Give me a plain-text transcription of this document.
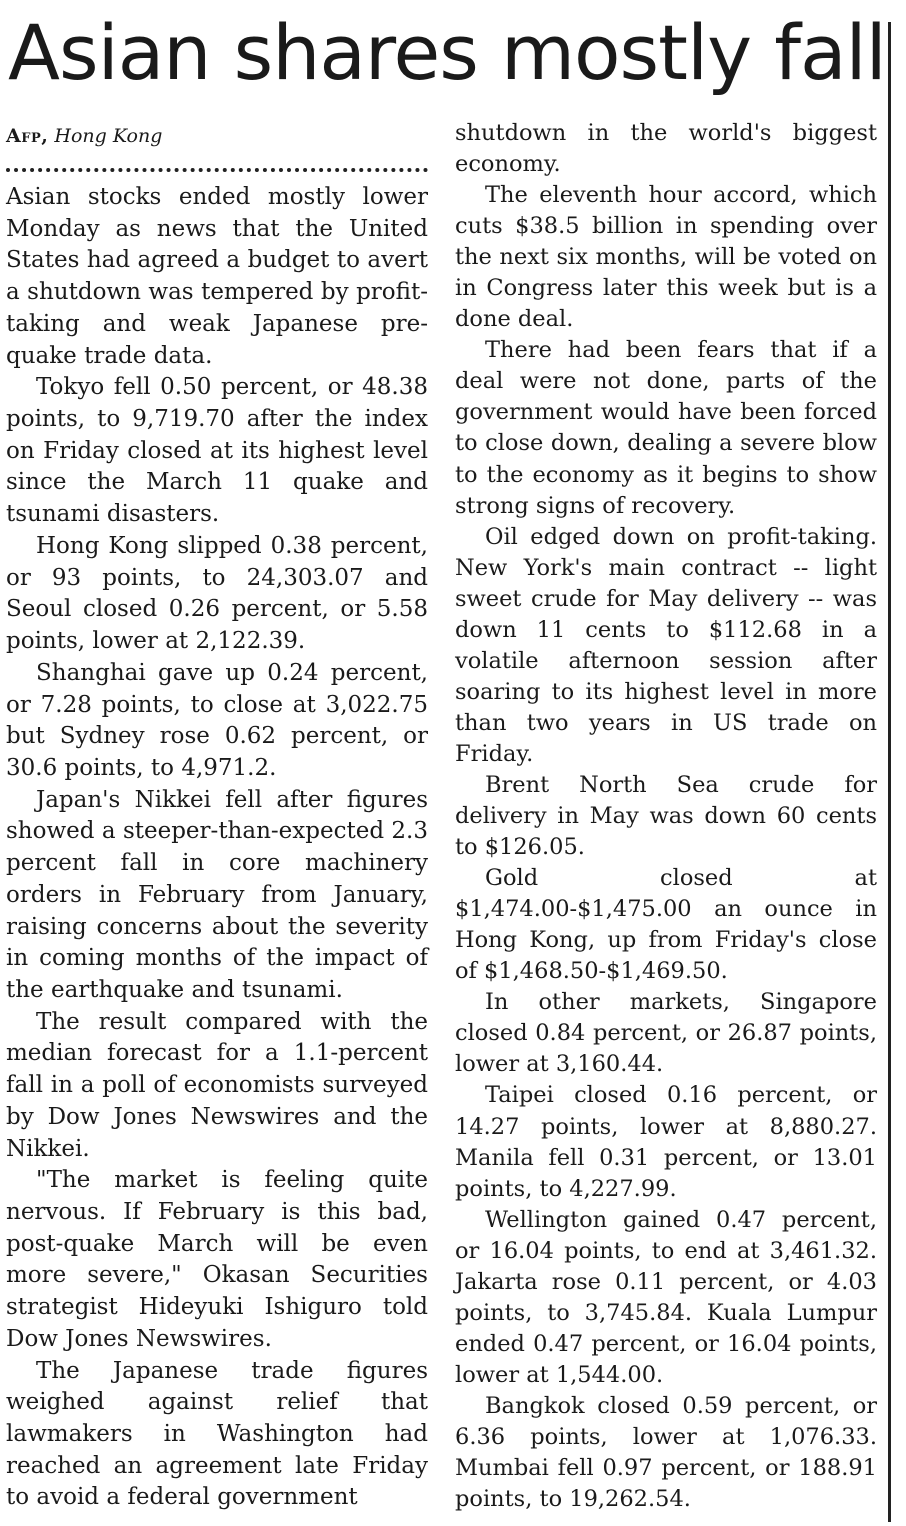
Asian shares mostly fall

Afp, Hong Kong

Asian stocks ended mostly lower Monday as news that the United States had agreed a budget to avert a shutdown was tempered by profit-taking and weak Japanese pre-quake trade data.

Tokyo fell 0.50 percent, or 48.38 points, to 9,719.70 after the index on Friday closed at its highest level since the March 11 quake and tsunami disasters.

Hong Kong slipped 0.38 percent, or 93 points, to 24,303.07 and Seoul closed 0.26 percent, or 5.58 points, lower at 2,122.39.

Shanghai gave up 0.24 percent, or 7.28 points, to close at 3,022.75 but Sydney rose 0.62 percent, or 30.6 points, to 4,971.2.

Japan's Nikkei fell after figures showed a steeper-than-expected 2.3 percent fall in core machinery orders in February from January, raising concerns about the severity in coming months of the impact of the earthquake and tsunami.

The result compared with the median forecast for a 1.1-percent fall in a poll of economists surveyed by Dow Jones Newswires and the Nikkei.

"The market is feeling quite nervous. If February is this bad, post-quake March will be even more severe," Okasan Securities strategist Hideyuki Ishiguro told Dow Jones Newswires.

The Japanese trade figures weighed against relief that lawmakers in Washington had reached an agreement late Friday to avoid a federal government

shutdown in the world's biggest economy.

The eleventh hour accord, which cuts $38.5 billion in spending over the next six months, will be voted on in Congress later this week but is a done deal.

There had been fears that if a deal were not done, parts of the government would have been forced to close down, dealing a severe blow to the economy as it begins to show strong signs of recovery.

Oil edged down on profit-taking. New York's main contract -- light sweet crude for May delivery -- was down 11 cents to $112.68 in a volatile afternoon session after soaring to its highest level in more than two years in US trade on Friday.

Brent North Sea crude for delivery in May was down 60 cents to $126.05.

Gold closed at $1,474.00-$1,475.00 an ounce in Hong Kong, up from Friday's close of $1,468.50-$1,469.50.

In other markets, Singapore closed 0.84 percent, or 26.87 points, lower at 3,160.44.

Taipei closed 0.16 percent, or 14.27 points, lower at 8,880.27. Manila fell 0.31 percent, or 13.01 points, to 4,227.99.

Wellington gained 0.47 percent, or 16.04 points, to end at 3,461.32. Jakarta rose 0.11 percent, or 4.03 points, to 3,745.84. Kuala Lumpur ended 0.47 percent, or 16.04 points, lower at 1,544.00.

Bangkok closed 0.59 percent, or 6.36 points, lower at 1,076.33. Mumbai fell 0.97 percent, or 188.91 points, to 19,262.54.
